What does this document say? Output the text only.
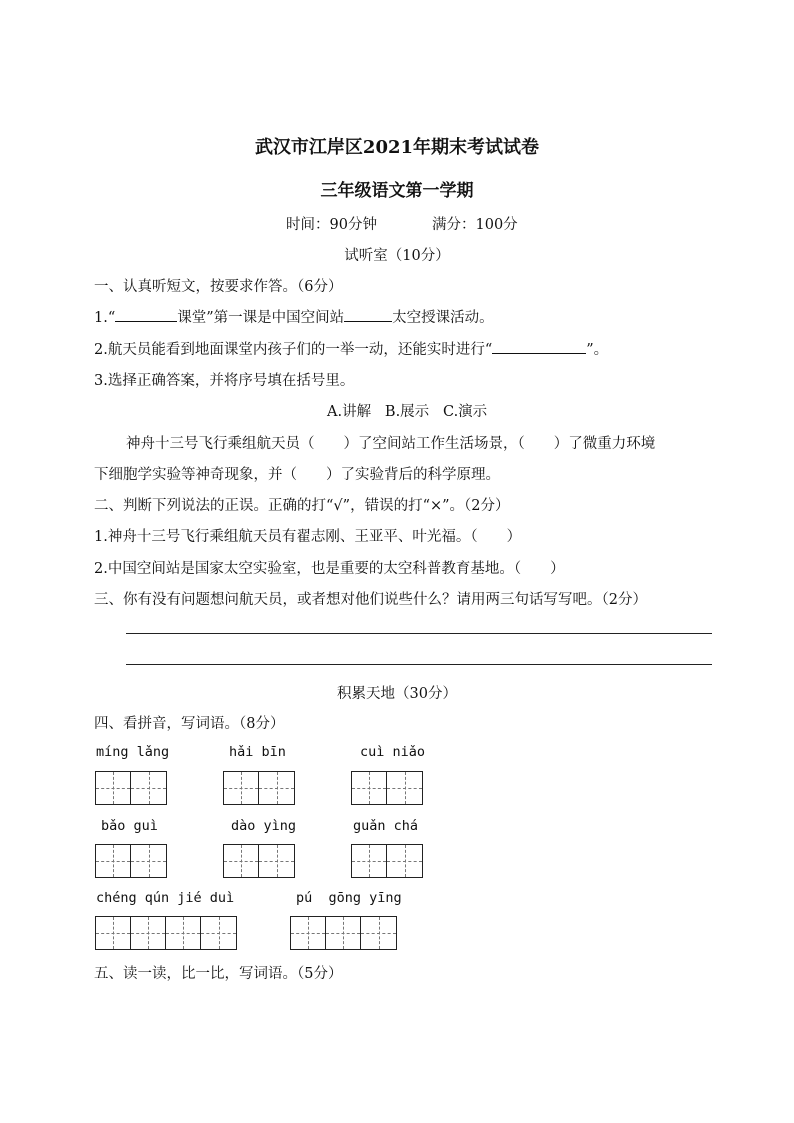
武汉市江岸区2021年期末考试试卷
三年级语文第一学期
时间：90分钟	满分：100分
试听室（10分）
一、认真听短文，按要求作答。（6分）
1.“	课堂”第一课是中国空间站	太空授课活动。
2.航天员能看到地面课堂内孩子们的一举一动，还能实时进行“	”。
3.选择正确答案，并将序号填在括号里。
A.讲解   B.展示   C.演示
神舟十三号飞行乘组航天员（　　）了空间站工作生活场景，（　　）了微重力环境
下细胞学实验等神奇现象，并（　　）了实验背后的科学原理。
二、判断下列说法的正误。正确的打“√”，错误的打“×”。（2分）
1.神舟十三号飞行乘组航天员有翟志刚、王亚平、叶光福。（　　）
2.中国空间站是国家太空实验室，也是重要的太空科普教育基地。（　　）
三、你有没有问题想问航天员，或者想对他们说些什么？请用两三句话写写吧。（2分）
积累天地（30分）
四、看拼音，写词语。（8分）
míng lǎng	hǎi bīn	cuì niǎo
bǎo guì	dào yìng	guǎn chá
chéng qún jié duì	pú  gōng yīng
五、读一读，比一比，写词语。（5分）
